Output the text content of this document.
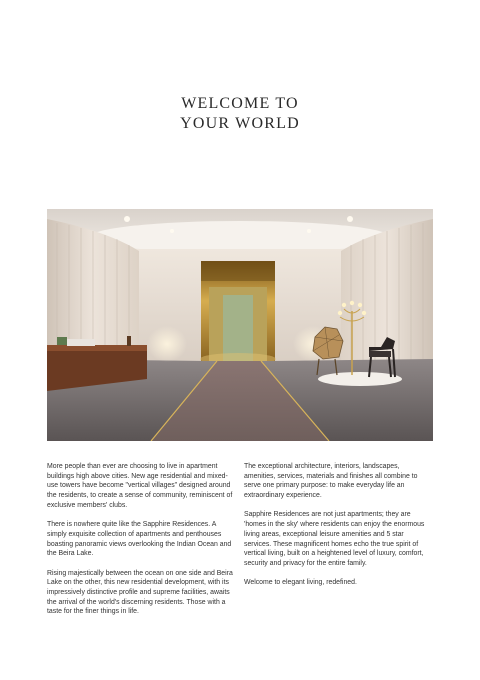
WELCOME TO
YOUR WORLD

More people than ever are choosing to live in apartment buildings high above cities. New age residential and mixed-use towers have become "vertical villages" designed around the residents, to create a sense of community, reminiscent of exclusive members' clubs.

There is nowhere quite like the Sapphire Residences. A simply exquisite collection of apartments and penthouses boasting panoramic views overlooking the Indian Ocean and the Beira Lake.

Rising majestically between the ocean on one side and Beira Lake on the other, this new residential development, with its impressively distinctive profile and supreme facilities, awaits the arrival of the world's discerning residents. Those with a taste for the finer things in life.

The exceptional architecture, interiors, landscapes, amenities, services, materials and finishes all combine to serve one primary purpose: to make everyday life an extraordinary experience.

Sapphire Residences are not just apartments; they are 'homes in the sky' where residents can enjoy the enormous living areas, exceptional leisure amenities and 5 star services. These magnificent homes echo the true spirit of vertical living, built on a heightened level of luxury, comfort, security and privacy for the entire family.

Welcome to elegant living, redefined.
